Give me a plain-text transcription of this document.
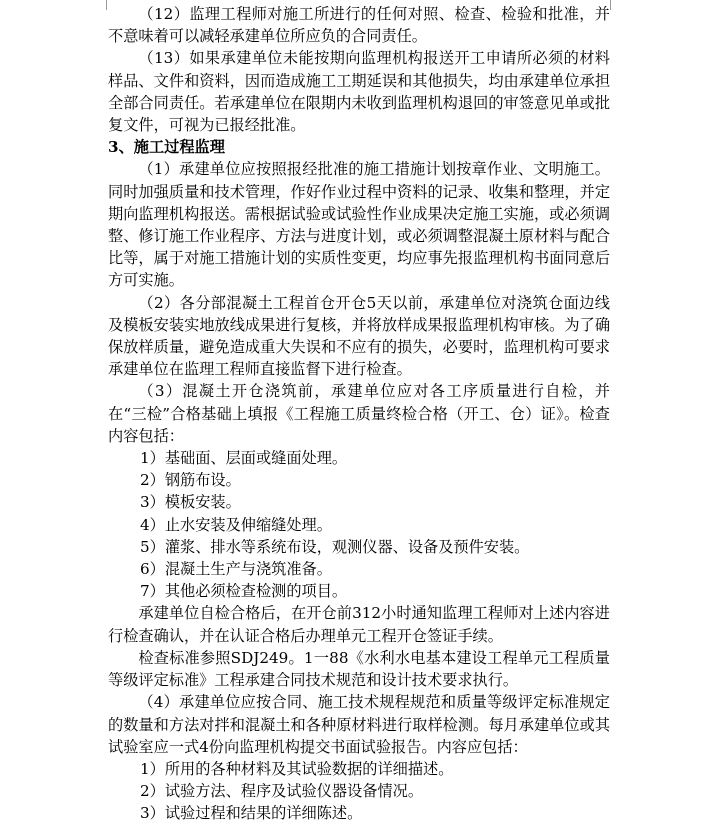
（12）监理工程师对施工所进行的任何对照、检查、检验和批准，并不意味着可以减轻承建单位所应负的合同责任。

（13）如果承建单位未能按期向监理机构报送开工申请所必须的材料样品、文件和资料，因而造成施工工期延误和其他损失，均由承建单位承担全部合同责任。若承建单位在限期内未收到监理机构退回的审签意见单或批复文件，可视为已报经批准。

3、施工过程监理

（1）承建单位应按照报经批准的施工措施计划按章作业、文明施工。同时加强质量和技术管理，作好作业过程中资料的记录、收集和整理，并定期向监理机构报送。需根据试验或试验性作业成果决定施工实施，或必须调整、修订施工作业程序、方法与进度计划，或必须调整混凝土原材料与配合比等，属于对施工措施计划的实质性变更，均应事先报监理机构书面同意后方可实施。

（2）各分部混凝土工程首仓开仓5天以前，承建单位对浇筑仓面边线及模板安装实地放线成果进行复核，并将放样成果报监理机构审核。为了确保放样质量，避免造成重大失误和不应有的损失，必要时，监理机构可要求承建单位在监理工程师直接监督下进行检查。

（3）混凝土开仓浇筑前，承建单位应对各工序质量进行自检，并在“三检”合格基础上填报《工程施工质量终检合格（开工、仓）证》。检查内容包括：

1）基础面、层面或缝面处理。

2）钢筋布设。

3）模板安装。

4）止水安装及伸缩缝处理。

5）灌浆、排水等系统布设，观测仪器、设备及预件安装。

6）混凝土生产与浇筑准备。

7）其他必须检查检测的项目。

承建单位自检合格后，在开仓前312小时通知监理工程师对上述内容进行检查确认，并在认证合格后办理单元工程开仓签证手续。

检查标准参照SDJ249。1一88《水利水电基本建设工程单元工程质量等级评定标准》工程承建合同技术规范和设计技术要求执行。

（4）承建单位应按合同、施工技术规程规范和质量等级评定标准规定的数量和方法对拌和混凝土和各种原材料进行取样检测。每月承建单位或其试验室应一式4份向监理机构提交书面试验报告。内容应包括：

1）所用的各种材料及其试验数据的详细描述。

2）试验方法、程序及试验仪器设备情况。

3）试验过程和结果的详细陈述。
